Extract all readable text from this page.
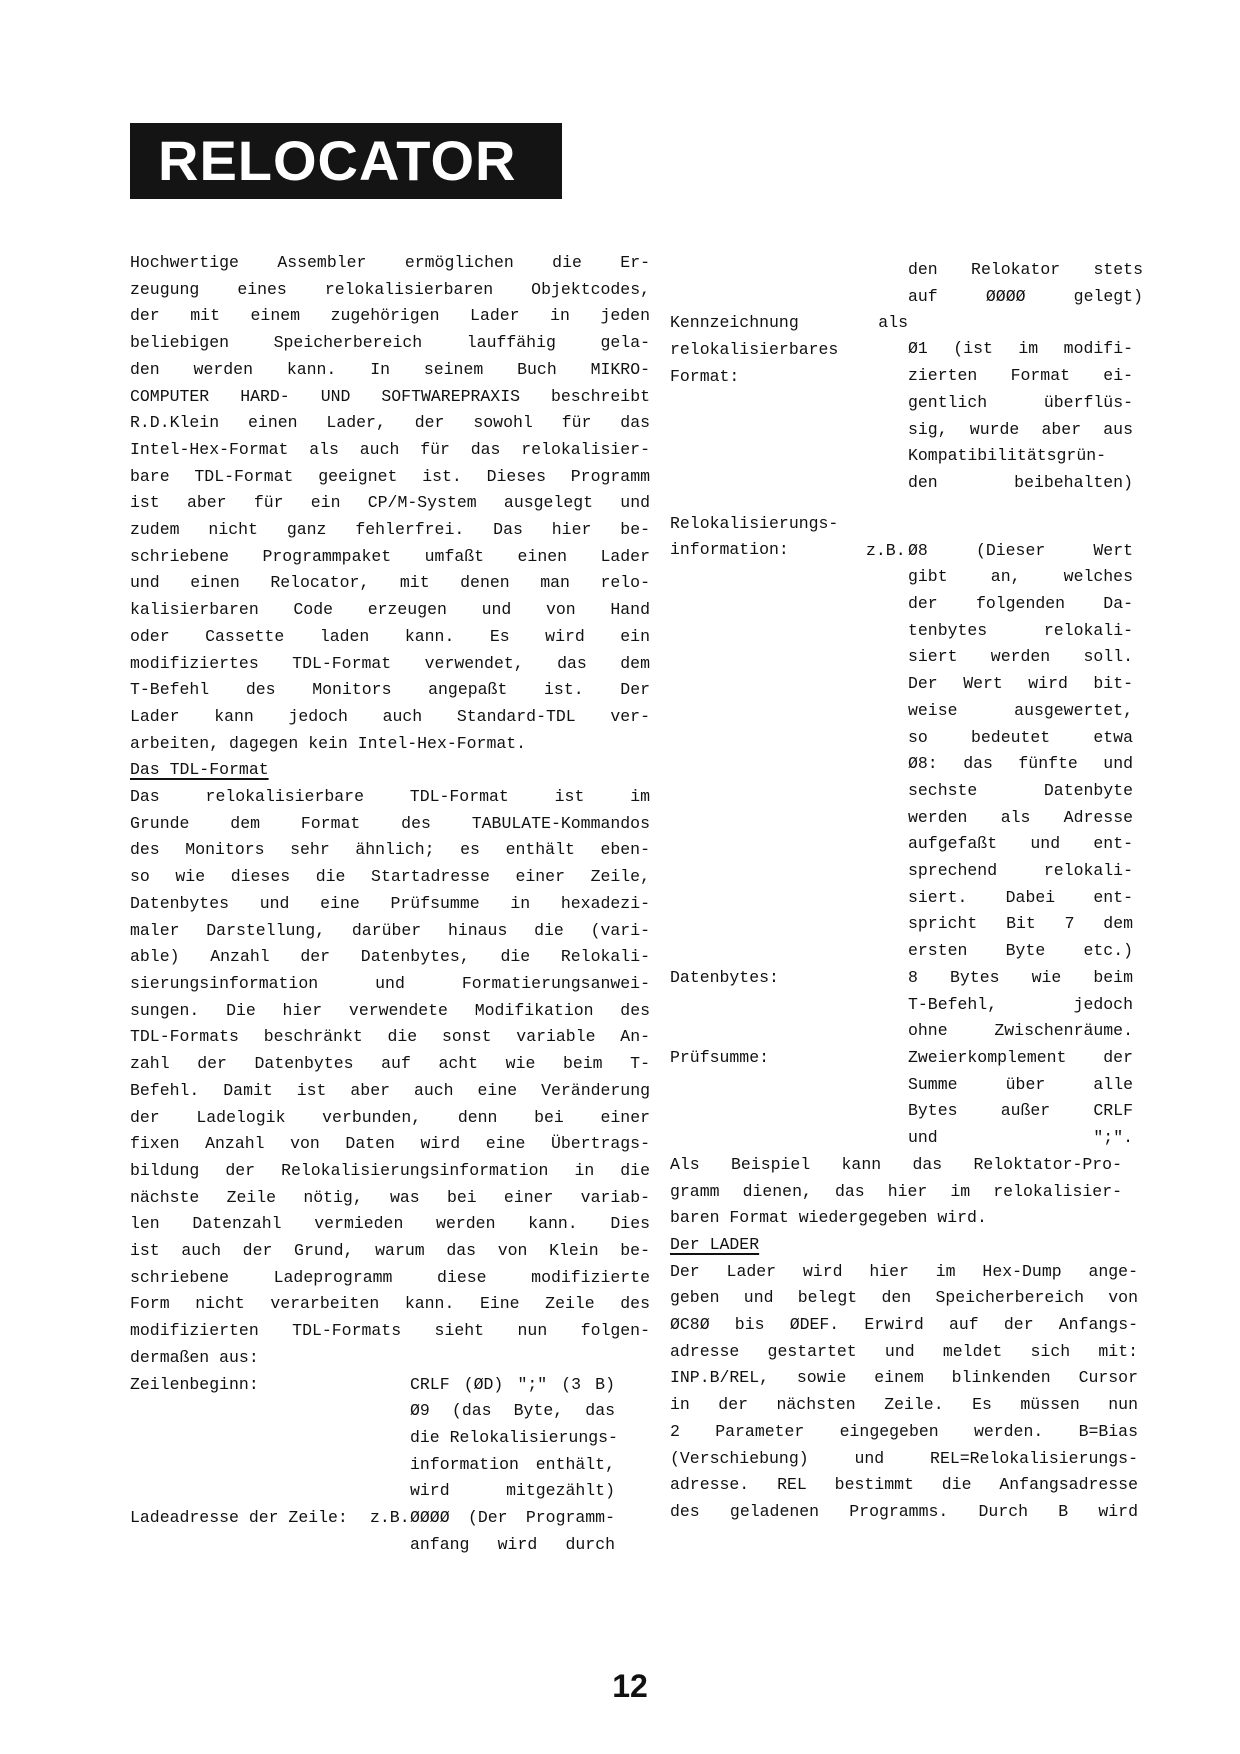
RELOCATOR

Hochwertige Assembler ermöglichen die Er-

zeugung eines relokalisierbaren Objektcodes,

der mit einem zugehörigen Lader in jeden

beliebigen Speicherbereich lauffähig gela-

den werden kann. In seinem Buch MIKRO-

COMPUTER HARD- UND SOFTWAREPRAXIS beschreibt

R.D.Klein einen Lader, der sowohl für das

Intel-Hex-Format als auch für das relokalisier-

bare TDL-Format geeignet ist. Dieses Programm

ist aber für ein CP/M-System ausgelegt und

zudem nicht ganz fehlerfrei. Das hier be-

schriebene Programmpaket umfaßt einen Lader

und einen Relocator, mit denen man relo-

kalisierbaren Code erzeugen und von Hand

oder Cassette laden kann. Es wird ein

modifiziertes TDL-Format verwendet, das dem

T-Befehl des Monitors angepaßt ist. Der

Lader kann jedoch auch Standard-TDL ver-

arbeiten, dagegen kein Intel-Hex-Format.

Das TDL-Format

Das relokalisierbare TDL-Format ist im

Grunde dem Format des TABULATE-Kommandos

des Monitors sehr ähnlich; es enthält eben-

so wie dieses die Startadresse einer Zeile,

Datenbytes und eine Prüfsumme in hexadezi-

maler Darstellung, darüber hinaus die (vari-

able) Anzahl der Datenbytes, die Relokali-

sierungsinformation und Formatierungsanwei-

sungen. Die hier verwendete Modifikation des

TDL-Formats beschränkt die sonst variable An-

zahl der Datenbytes auf acht wie beim T-

Befehl. Damit ist aber auch eine Veränderung

der Ladelogik verbunden, denn bei einer

fixen Anzahl von Daten wird eine Übertrags-

bildung der Relokalisierungsinformation in die

nächste Zeile nötig, was bei einer variab-

len Datenzahl vermieden werden kann. Dies

ist auch der Grund, warum das von Klein be-

schriebene Ladeprogramm diese modifizierte

Form nicht verarbeiten kann. Eine Zeile des

modifizierten TDL-Formats sieht nun folgen-

dermaßen aus:

Zeilenbeginn:	CRLF (ØD) ";" (3 B)

Ø9 (das Byte, das

die Relokalisierungs-

information enthält,

wird mitgezählt)

Ladeadresse der Zeile:	z.B. ØØØØ (Der Programm-

anfang wird durch

den Relokator stets

auf ØØØØ gelegt)

Kennzeichnung als

relokalisierbares

Format:

Ø1 (ist im modifi-

zierten Format ei-

gentlich überflüs-

sig, wurde aber aus

Kompatibilitätsgrün-

den beibehalten)

Relokalisierungs-

information:	z.B. Ø8 (Dieser Wert

gibt an, welches

der folgenden Da-

tenbytes relokali-

siert werden soll.

Der Wert wird bit-

weise ausgewertet,

so bedeutet etwa

Ø8: das fünfte und

sechste Datenbyte

werden als Adresse

aufgefaßt und ent-

sprechend relokali-

siert. Dabei ent-

spricht Bit 7 dem

ersten Byte etc.)

Datenbytes:	8 Bytes wie beim

T-Befehl, jedoch

ohne Zwischenräume.

Prüfsumme:	Zweierkomplement der

Summe über alle

Bytes außer CRLF

und ";".

Als Beispiel kann das Reloktator-Pro-

gramm dienen, das hier im relokalisier-

baren Format wiedergegeben wird.

Der LADER

Der Lader wird hier im Hex-Dump ange-

geben und belegt den Speicherbereich von

ØC8Ø bis ØDEF. Erwird auf der Anfangs-

adresse gestartet und meldet sich mit:

INP.B/REL, sowie einem blinkenden Cursor

in der nächsten Zeile. Es müssen nun

2 Parameter eingegeben werden. B=Bias

(Verschiebung) und REL=Relokalisierungs-

adresse. REL bestimmt die Anfangsadresse

des geladenen Programms. Durch B wird

12
